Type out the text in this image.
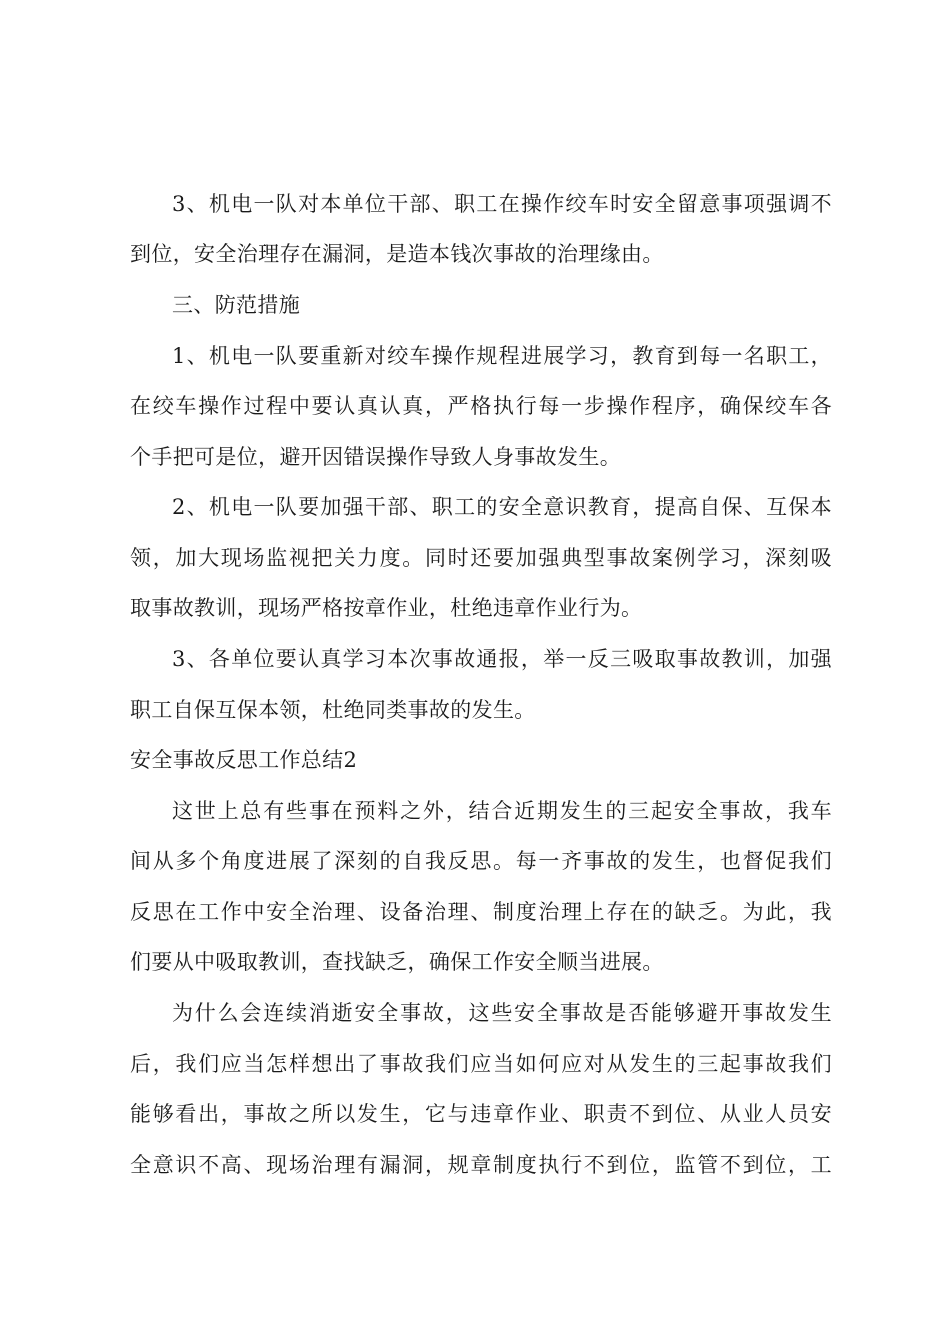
3、机电一队对本单位干部、职工在操作绞车时安全留意事项强调不
到位，安全治理存在漏洞，是造本钱次事故的治理缘由。
三、防范措施
1、机电一队要重新对绞车操作规程进展学习，教育到每一名职工，
在绞车操作过程中要认真认真，严格执行每一步操作程序，确保绞车各
个手把可是位，避开因错误操作导致人身事故发生。
2、机电一队要加强干部、职工的安全意识教育，提高自保、互保本
领，加大现场监视把关力度。同时还要加强典型事故案例学习，深刻吸
取事故教训，现场严格按章作业，杜绝违章作业行为。
3、各单位要认真学习本次事故通报，举一反三吸取事故教训，加强
职工自保互保本领，杜绝同类事故的发生。
安全事故反思工作总结2
这世上总有些事在预料之外，结合近期发生的三起安全事故，我车
间从多个角度进展了深刻的自我反思。每一齐事故的发生，也督促我们
反思在工作中安全治理、设备治理、制度治理上存在的缺乏。为此，我
们要从中吸取教训，查找缺乏，确保工作安全顺当进展。
为什么会连续消逝安全事故，这些安全事故是否能够避开事故发生
后，我们应当怎样想出了事故我们应当如何应对从发生的三起事故我们
能够看出，事故之所以发生，它与违章作业、职责不到位、从业人员安
全意识不高、现场治理有漏洞，规章制度执行不到位，监管不到位，工
